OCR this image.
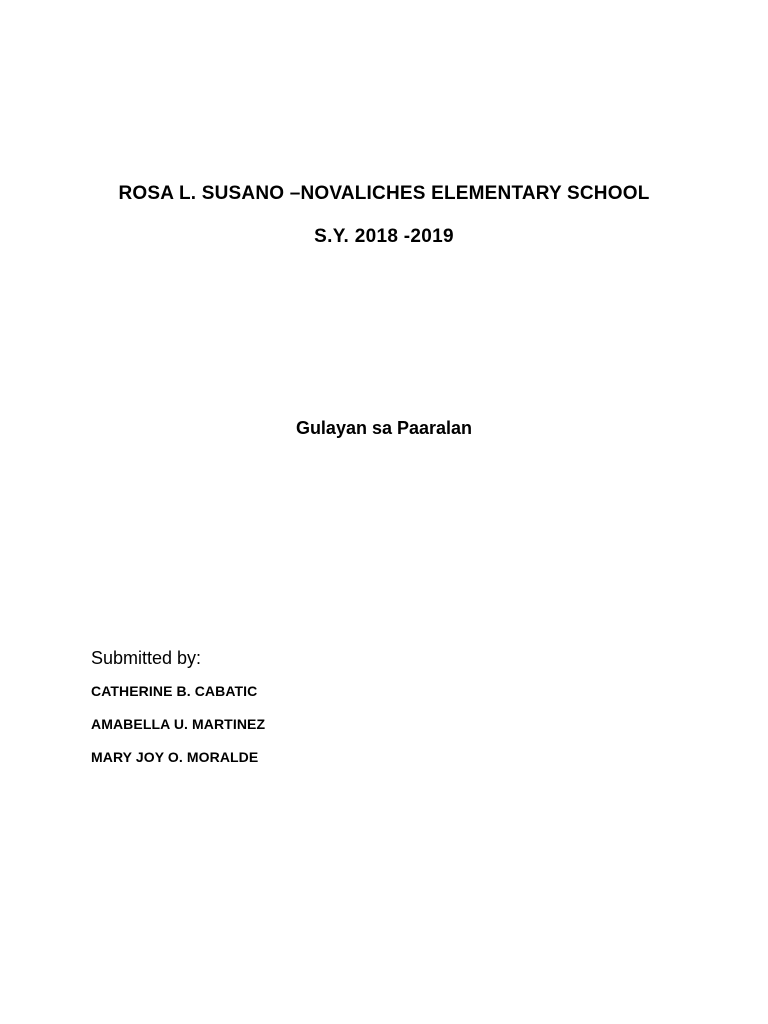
ROSA L. SUSANO –NOVALICHES ELEMENTARY SCHOOL
S.Y. 2018 -2019
Gulayan sa Paaralan
Submitted by:
CATHERINE B. CABATIC
AMABELLA U. MARTINEZ
MARY JOY O. MORALDE
